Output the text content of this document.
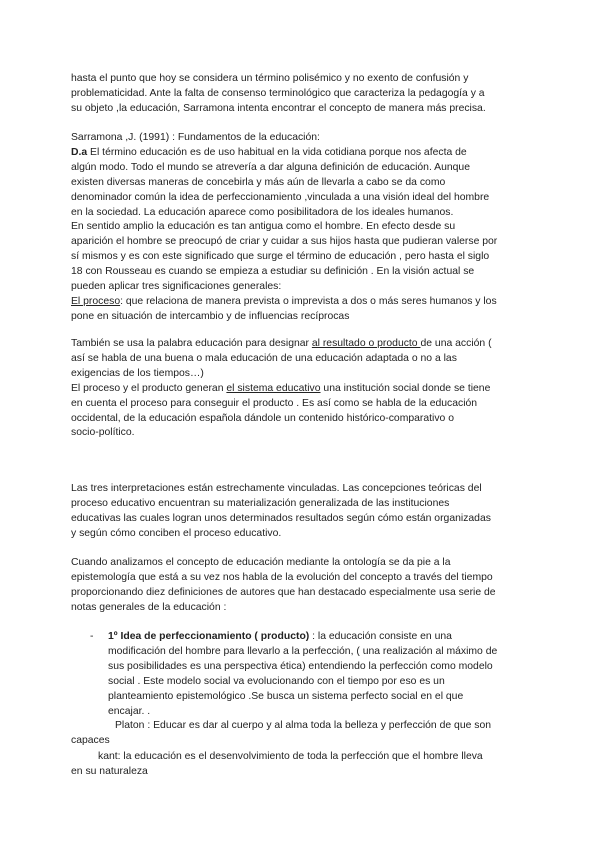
hasta el punto que hoy se considera un término polisémico y no exento de confusión y

problematicidad. Ante la falta de consenso terminológico que caracteriza la pedagogía y a

su objeto ,la educación, Sarramona intenta encontrar el concepto de manera más precisa.

Sarramona ,J. (1991) : Fundamentos de la educación:

D.a El término educación es de uso habitual en la vida cotidiana porque nos afecta de

algún modo. Todo el mundo se atrevería a dar alguna definición de educación. Aunque

existen diversas maneras de concebirla y más aún de llevarla a cabo se da como

denominador común la idea de perfeccionamiento ,vinculada a una visión ideal del hombre

en la sociedad. La educación aparece como posibilitadora de los ideales humanos.

En sentido amplio la educación es tan antigua como el hombre. En efecto desde su

aparición el hombre se preocupó de criar y cuidar a sus hijos hasta que pudieran valerse por

sí mismos y es con este significado que surge el término de educación , pero hasta el siglo

18 con Rousseau es cuando se empieza a estudiar su definición . En la visión actual se

pueden aplicar tres significaciones generales:

El proceso: que relaciona de manera prevista o imprevista a dos o más seres humanos y los

pone en situación de intercambio y de influencias recíprocas

También se usa la palabra educación para designar al resultado o producto de una acción (

así se habla de una buena o mala educación de una educación adaptada o no a las

exigencias de los tiempos…)

El proceso y el producto generan el sistema educativo una institución social donde se tiene

en cuenta el proceso para conseguir el producto . Es así como se habla de la educación

occidental, de la educación española dándole un contenido histórico-comparativo o

socio-político.

Las tres interpretaciones están estrechamente vinculadas. Las concepciones teóricas del

proceso educativo encuentran su materialización generalizada de las instituciones

educativas las cuales logran unos determinados resultados según cómo están organizadas

y según cómo conciben el proceso educativo.

Cuando analizamos el concepto de educación mediante la ontología se da pie a la

epistemología que está a su vez nos habla de la evolución del concepto a través del tiempo

proporcionando diez definiciones de autores que han destacado especialmente usa serie de

notas generales de la educación :

- 1º Idea de perfeccionamiento ( producto) : la educación consiste en una

modificación del hombre para llevarlo a la perfección, ( una realización al máximo de

sus posibilidades es una perspectiva ética) entendiendo la perfección como modelo

social . Este modelo social va evolucionando con el tiempo por eso es un

planteamiento epistemológico .Se busca un sistema perfecto social en el que

encajar. .

Platon : Educar es dar al cuerpo y al alma toda la belleza y perfección de que son
capaces
kant: la educación es el desenvolvimiento de toda la perfección que el hombre lleva
en su naturaleza
